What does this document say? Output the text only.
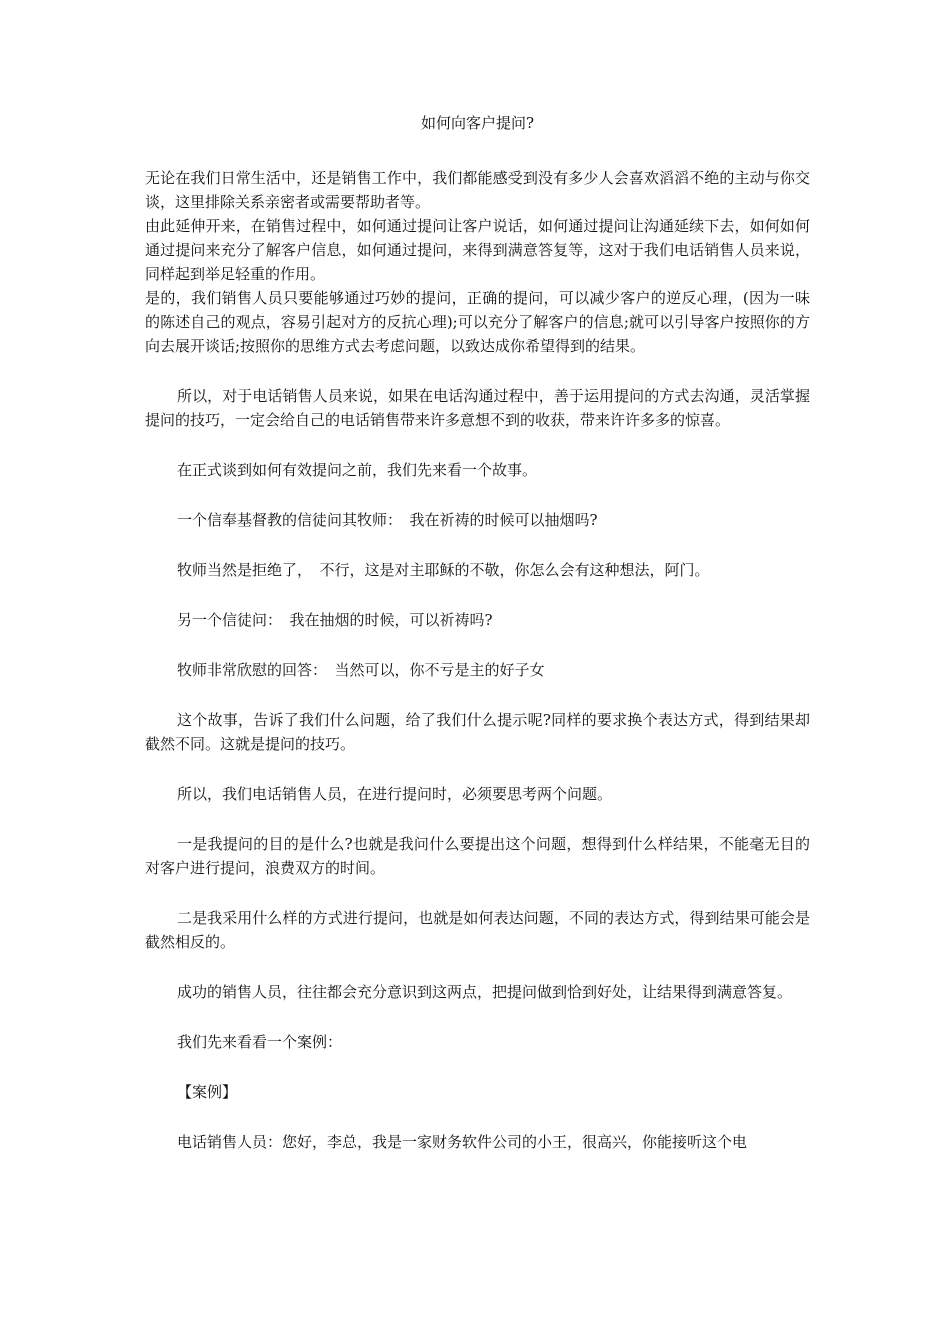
如何向客户提问?

无论在我们日常生活中，还是销售工作中，我们都能感受到没有多少人会喜欢滔滔不绝的主动与你交谈，这里排除关系亲密者或需要帮助者等。

由此延伸开来，在销售过程中，如何通过提问让客户说话，如何通过提问让沟通延续下去，如何如何通过提问来充分了解客户信息，如何通过提问，来得到满意答复等，这对于我们电话销售人员来说，同样起到举足轻重的作用。

是的，我们销售人员只要能够通过巧妙的提问，正确的提问，可以减少客户的逆反心理，(因为一味的陈述自己的观点，容易引起对方的反抗心理);可以充分了解客户的信息;就可以引导客户按照你的方向去展开谈话;按照你的思维方式去考虑问题，以致达成你希望得到的结果。

所以，对于电话销售人员来说，如果在电话沟通过程中，善于运用提问的方式去沟通，灵活掌握提问的技巧，一定会给自己的电话销售带来许多意想不到的收获，带来许许多多的惊喜。

在正式谈到如何有效提问之前，我们先来看一个故事。

一个信奉基督教的信徒问其牧师：　我在祈祷的时候可以抽烟吗?

牧师当然是拒绝了，　不行，这是对主耶稣的不敬，你怎么会有这种想法，阿门。

另一个信徒问：　我在抽烟的时候，可以祈祷吗?

牧师非常欣慰的回答：　当然可以，你不亏是主的好子女

这个故事，告诉了我们什么问题，给了我们什么提示呢?同样的要求换个表达方式，得到结果却截然不同。这就是提问的技巧。

所以，我们电话销售人员，在进行提问时，必须要思考两个问题。

一是我提问的目的是什么?也就是我问什么要提出这个问题，想得到什么样结果，不能毫无目的对客户进行提问，浪费双方的时间。

二是我采用什么样的方式进行提问，也就是如何表达问题，不同的表达方式，得到结果可能会是截然相反的。

成功的销售人员，往往都会充分意识到这两点，把提问做到恰到好处，让结果得到满意答复。

我们先来看看一个案例：

【案例】

电话销售人员：您好，李总，我是一家财务软件公司的小王，很高兴，你能接听这个电
